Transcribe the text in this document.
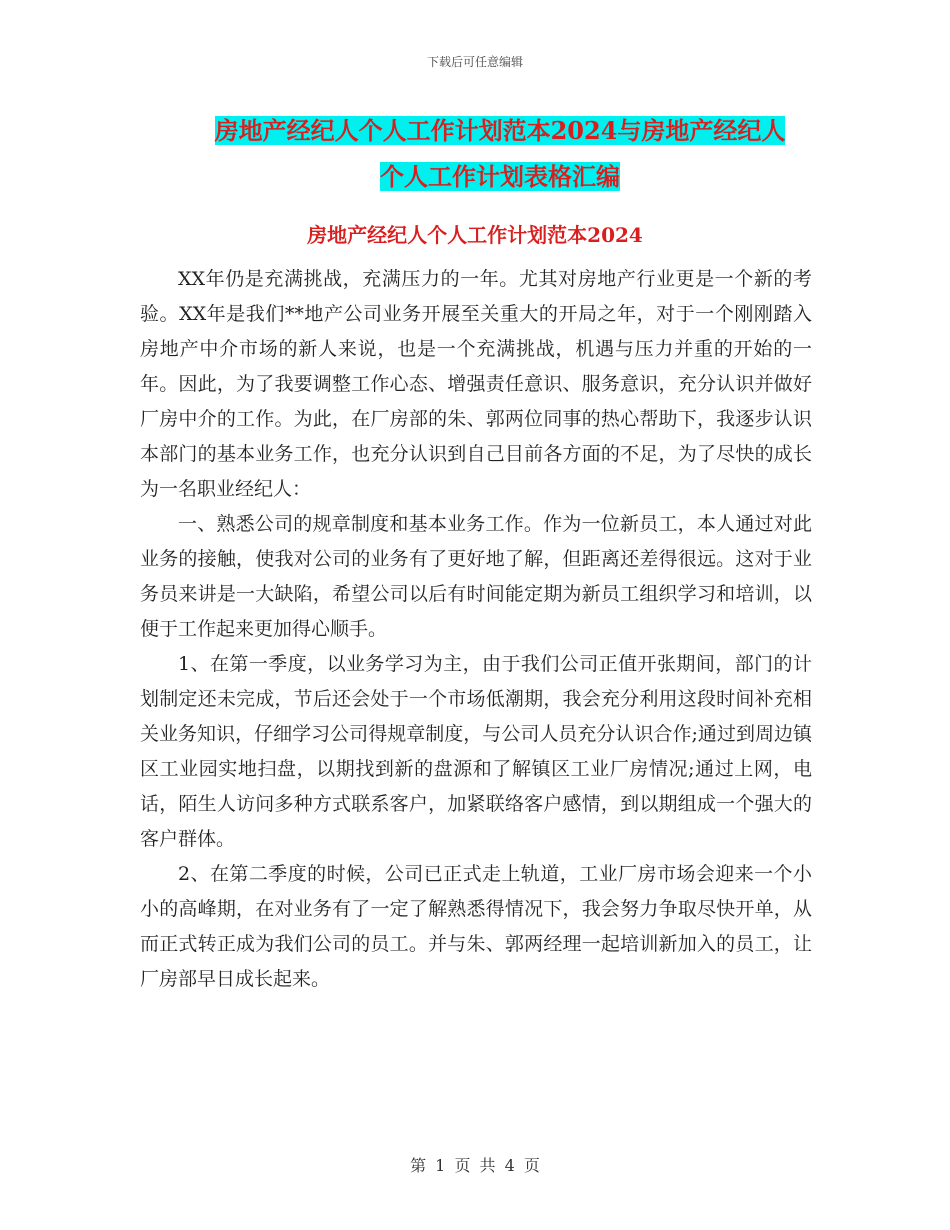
下载后可任意编辑
房地产经纪人个人工作计划范本2024与房地产经纪人
个人工作计划表格汇编
房地产经纪人个人工作计划范本2024

XX年仍是充满挑战，充满压力的一年。尤其对房地产行业更是一个新的考验。XX年是我们**地产公司业务开展至关重大的开局之年，对于一个刚刚踏入房地产中介市场的新人来说，也是一个充满挑战，机遇与压力并重的开始的一年。因此，为了我要调整工作心态、增强责任意识、服务意识，充分认识并做好厂房中介的工作。为此，在厂房部的朱、郭两位同事的热心帮助下，我逐步认识本部门的基本业务工作，也充分认识到自己目前各方面的不足，为了尽快的成长为一名职业经纪人：

一、熟悉公司的规章制度和基本业务工作。作为一位新员工，本人通过对此业务的接触，使我对公司的业务有了更好地了解，但距离还差得很远。这对于业务员来讲是一大缺陷，希望公司以后有时间能定期为新员工组织学习和培训，以便于工作起来更加得心顺手。

1、在第一季度，以业务学习为主，由于我们公司正值开张期间，部门的计划制定还未完成，节后还会处于一个市场低潮期，我会充分利用这段时间补充相关业务知识，仔细学习公司得规章制度，与公司人员充分认识合作;通过到周边镇区工业园实地扫盘，以期找到新的盘源和了解镇区工业厂房情况;通过上网，电话，陌生人访问多种方式联系客户，加紧联络客户感情，到以期组成一个强大的客户群体。

2、在第二季度的时候，公司已正式走上轨道，工业厂房市场会迎来一个小小的高峰期，在对业务有了一定了解熟悉得情况下，我会努力争取尽快开单，从而正式转正成为我们公司的员工。并与朱、郭两经理一起培训新加入的员工，让厂房部早日成长起来。

第 1 页 共 4 页
